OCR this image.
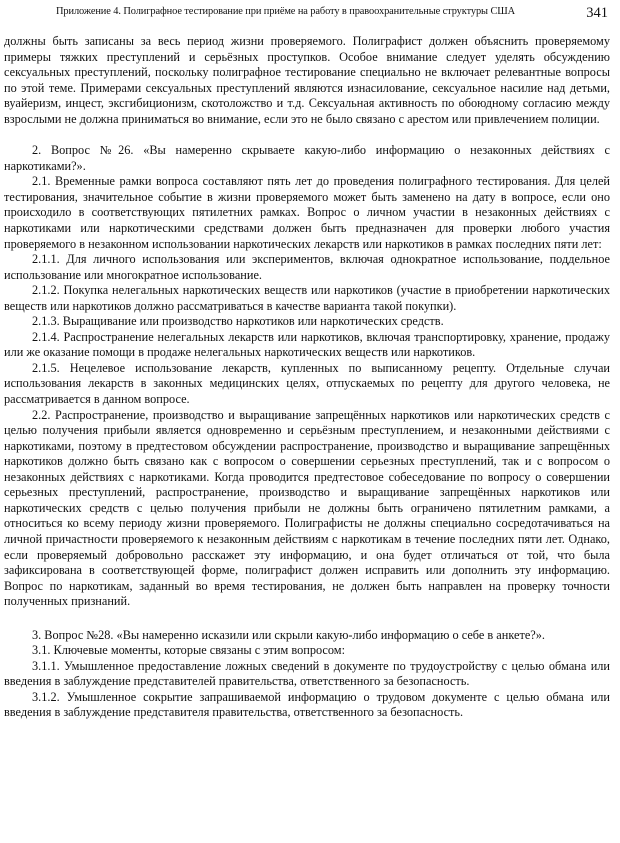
Приложение 4. Полиграфное тестирование при приёме на работу в правоохранительные структуры США	341

должны быть записаны за весь период жизни проверяемого. Полиграфист должен объяснить проверяемому примеры тяжких преступлений и серьёзных проступков. Особое внимание следует уделять обсуждению сексуальных преступлений, поскольку полиграфное тестирование специально не включает релевантные вопросы по этой теме. Примерами сексуальных преступлений являются изнасилование, сексуальное насилие над детьми, вуайеризм, инцест, эксгибиционизм, скотоложство и т.д. Сексуальная активность по обоюдному согласию между взрослыми не должна приниматься во внимание, если это не было связано с арестом или привлечением полиции.

2. Вопрос №26. «Вы намеренно скрываете какую-либо информацию о незаконных действиях с наркотиками?».

2.1. Временные рамки вопроса составляют пять лет до проведения полиграфного тестирования. Для целей тестирования, значительное событие в жизни проверяемого может быть заменено на дату в вопросе, если оно происходило в соответствующих пятилетних рамках. Вопрос о личном участии в незаконных действиях с наркотиками или наркотическими средствами должен быть предназначен для проверки любого участия проверяемого в незаконном использовании наркотических лекарств или наркотиков в рамках последних пяти лет:

2.1.1. Для личного использования или экспериментов, включая однократное использование, поддельное использование или многократное использование.

2.1.2. Покупка нелегальных наркотических веществ или наркотиков (участие в приобретении наркотических веществ или наркотиков должно рассматриваться в качестве варианта такой покупки).

2.1.3. Выращивание или производство наркотиков или наркотических средств.

2.1.4. Распространение нелегальных лекарств или наркотиков, включая транспортировку, хранение, продажу или же оказание помощи в продаже нелегальных наркотических веществ или наркотиков.

2.1.5. Нецелевое использование лекарств, купленных по выписанному рецепту. Отдельные случаи использования лекарств в законных медицинских целях, отпускаемых по рецепту для другого человека, не рассматривается в данном вопросе.

2.2. Распространение, производство и выращивание запрещённых наркотиков или наркотических средств с целью получения прибыли является одновременно и серьёзным преступлением, и незаконными действиями с наркотиками, поэтому в предтестовом обсуждении распространение, производство и выращивание запрещённых наркотиков должно быть связано как с вопросом о совершении серьезных преступлений, так и с вопросом о незаконных действиях с наркотиками. Когда проводится предтестовое собеседование по вопросу о совершении серьезных преступлений, распространение, производство и выращивание запрещённых наркотиков или наркотических средств с целью получения прибыли не должны быть ограничено пятилетним рамками, а относиться ко всему периоду жизни проверяемого. Полиграфисты не должны специально сосредотачиваться на личной причастности проверяемого к незаконным действиям с наркотикам в течение последних пяти лет. Однако, если проверяемый добровольно расскажет эту информацию, и она будет отличаться от той, что была зафиксирована в соответствующей форме, полиграфист должен исправить или дополнить эту информацию. Вопрос по наркотикам, заданный во время тестирования, не должен быть направлен на проверку точности полученных признаний.

3. Вопрос №28. «Вы намеренно исказили или скрыли какую-либо информацию о себе в анкете?».

3.1. Ключевые моменты, которые связаны с этим вопросом:

3.1.1. Умышленное предоставление ложных сведений в документе по трудоустройству с целью обмана или введения в заблуждение представителей правительства, ответственного за безопасность.

3.1.2. Умышленное сокрытие запрашиваемой информацию о трудовом документе с целью обмана или введения в заблуждение представителя правительства, ответственного за безопасность.
